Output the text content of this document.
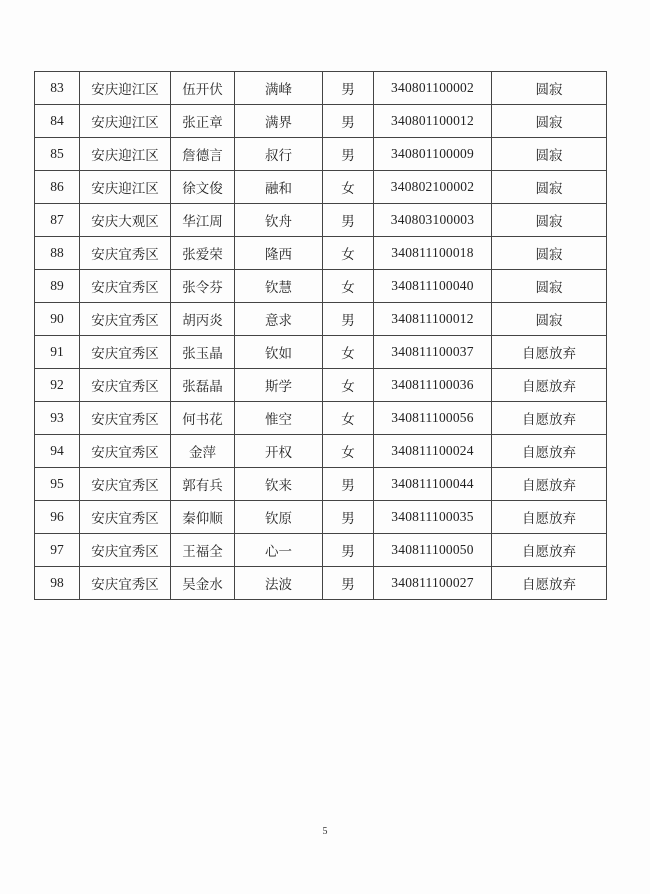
83	安庆迎江区	伍开伏	满峰	男	340801100002	圆寂
84	安庆迎江区	张正章	满界	男	340801100012	圆寂
85	安庆迎江区	詹德言	叔行	男	340801100009	圆寂
86	安庆迎江区	徐文俊	融和	女	340802100002	圆寂
87	安庆大观区	华江周	钦舟	男	340803100003	圆寂
88	安庆宜秀区	张爱荣	隆西	女	340811100018	圆寂
89	安庆宜秀区	张令芬	钦慧	女	340811100040	圆寂
90	安庆宜秀区	胡丙炎	意求	男	340811100012	圆寂
91	安庆宜秀区	张玉晶	钦如	女	340811100037	自愿放弃
92	安庆宜秀区	张磊晶	斯学	女	340811100036	自愿放弃
93	安庆宜秀区	何书花	惟空	女	340811100056	自愿放弃
94	安庆宜秀区	金萍	开权	女	340811100024	自愿放弃
95	安庆宜秀区	郭有兵	钦来	男	340811100044	自愿放弃
96	安庆宜秀区	秦仰顺	钦原	男	340811100035	自愿放弃
97	安庆宜秀区	王福全	心一	男	340811100050	自愿放弃
98	安庆宜秀区	吴金水	法波	男	340811100027	自愿放弃
5
